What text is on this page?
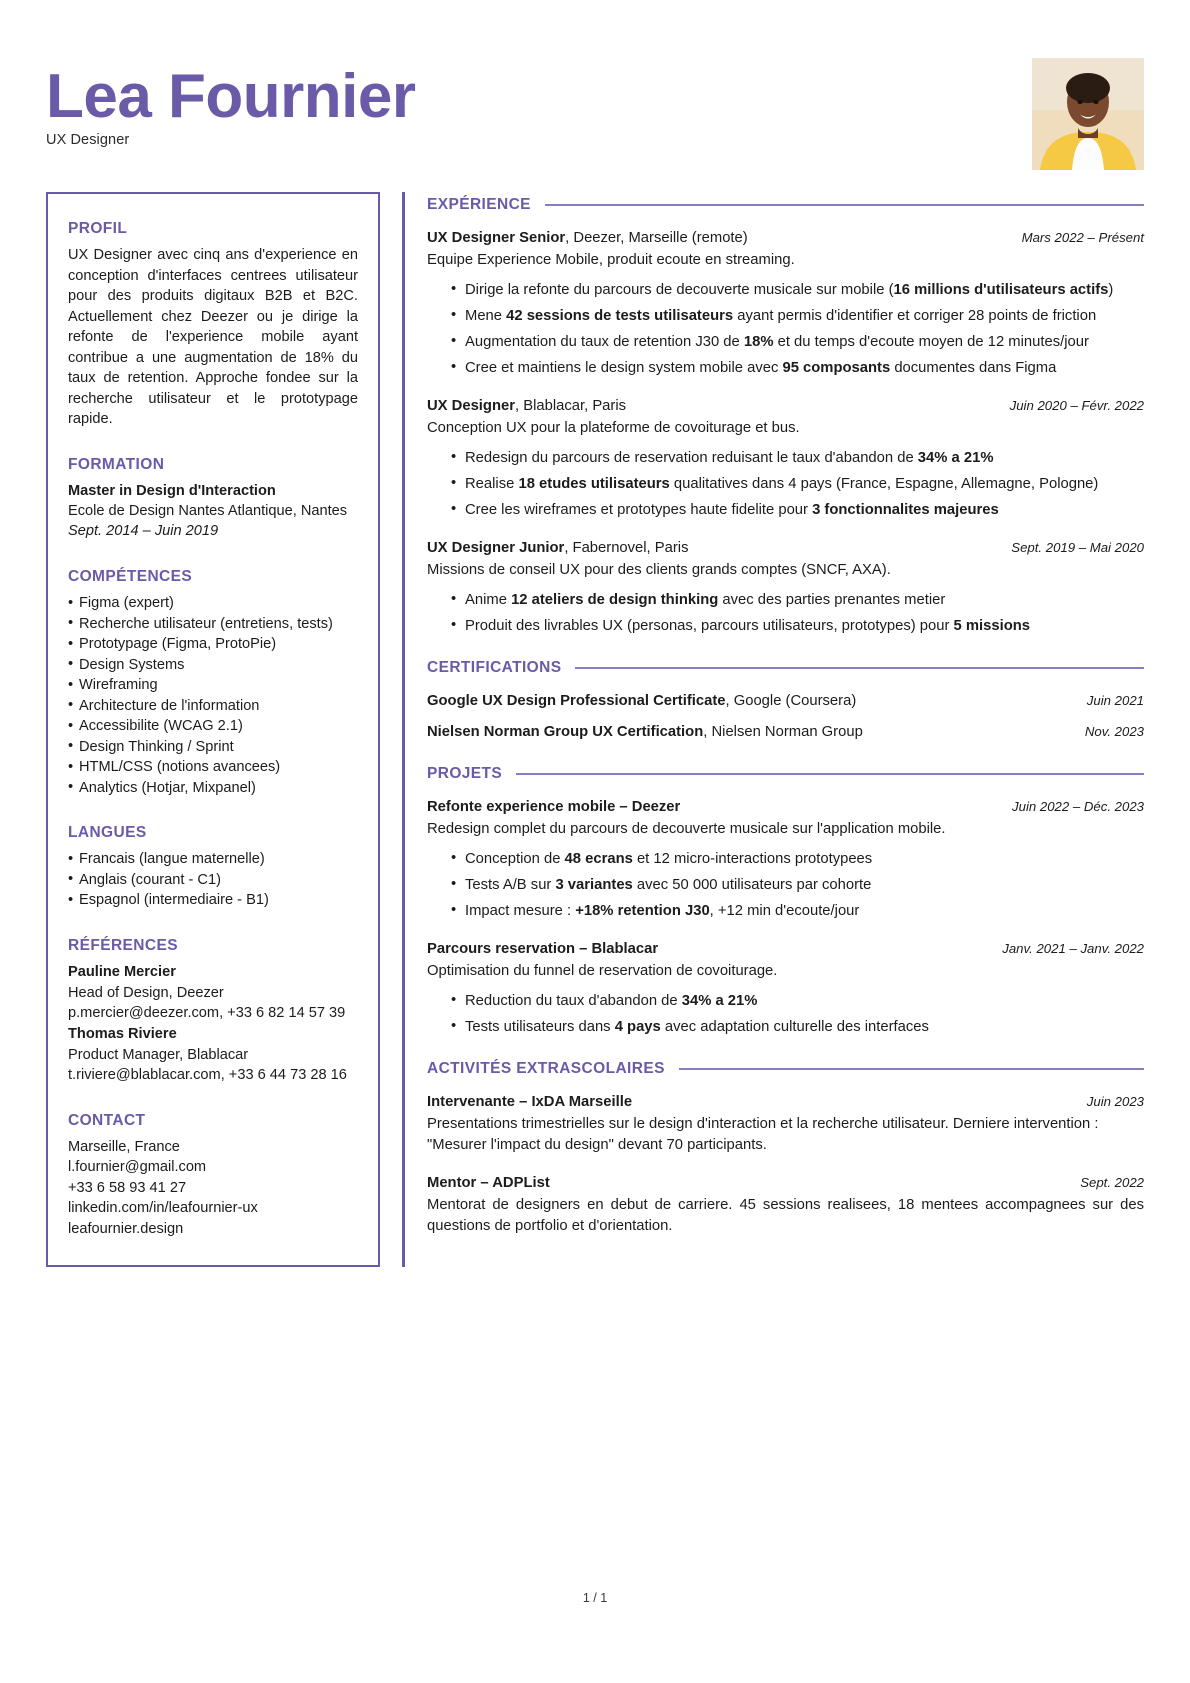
Lea Fournier
UX Designer
PROFIL
UX Designer avec cinq ans d'experience en conception d'interfaces centrees utilisateur pour des produits digitaux B2B et B2C. Actuellement chez Deezer ou je dirige la refonte de l'experience mobile ayant contribue a une augmentation de 18% du taux de retention. Approche fondee sur la recherche utilisateur et le prototypage rapide.
FORMATION
Master in Design d'Interaction
Ecole de Design Nantes Atlantique, Nantes
Sept. 2014 – Juin 2019
COMPÉTENCES
• Figma (expert)
• Recherche utilisateur (entretiens, tests)
• Prototypage (Figma, ProtoPie)
• Design Systems
• Wireframing
• Architecture de l'information
• Accessibilite (WCAG 2.1)
• Design Thinking / Sprint
• HTML/CSS (notions avancees)
• Analytics (Hotjar, Mixpanel)
LANGUES
• Francais (langue maternelle)
• Anglais (courant - C1)
• Espagnol (intermediaire - B1)
RÉFÉRENCES
Pauline Mercier
Head of Design, Deezer
p.mercier@deezer.com, +33 6 82 14 57 39
Thomas Riviere
Product Manager, Blablacar
t.riviere@blablacar.com, +33 6 44 73 28 16
CONTACT
Marseille, France
l.fournier@gmail.com
+33 6 58 93 41 27
linkedin.com/in/leafournier-ux
leafournier.design
EXPÉRIENCE
UX Designer Senior, Deezer, Marseille (remote)	Mars 2022 – Présent
Equipe Experience Mobile, produit ecoute en streaming.
• Dirige la refonte du parcours de decouverte musicale sur mobile (16 millions d'utilisateurs actifs)
• Mene 42 sessions de tests utilisateurs ayant permis d'identifier et corriger 28 points de friction
• Augmentation du taux de retention J30 de 18% et du temps d'ecoute moyen de 12 minutes/jour
• Cree et maintiens le design system mobile avec 95 composants documentes dans Figma
UX Designer, Blablacar, Paris	Juin 2020 – Févr. 2022
Conception UX pour la plateforme de covoiturage et bus.
• Redesign du parcours de reservation reduisant le taux d'abandon de 34% a 21%
• Realise 18 etudes utilisateurs qualitatives dans 4 pays (France, Espagne, Allemagne, Pologne)
• Cree les wireframes et prototypes haute fidelite pour 3 fonctionnalites majeures
UX Designer Junior, Fabernovel, Paris	Sept. 2019 – Mai 2020
Missions de conseil UX pour des clients grands comptes (SNCF, AXA).
• Anime 12 ateliers de design thinking avec des parties prenantes metier
• Produit des livrables UX (personas, parcours utilisateurs, prototypes) pour 5 missions
CERTIFICATIONS
Google UX Design Professional Certificate, Google (Coursera)	Juin 2021
Nielsen Norman Group UX Certification, Nielsen Norman Group	Nov. 2023
PROJETS
Refonte experience mobile – Deezer	Juin 2022 – Déc. 2023
Redesign complet du parcours de decouverte musicale sur l'application mobile.
• Conception de 48 ecrans et 12 micro-interactions prototypees
• Tests A/B sur 3 variantes avec 50 000 utilisateurs par cohorte
• Impact mesure : +18% retention J30, +12 min d'ecoute/jour
Parcours reservation – Blablacar	Janv. 2021 – Janv. 2022
Optimisation du funnel de reservation de covoiturage.
• Reduction du taux d'abandon de 34% a 21%
• Tests utilisateurs dans 4 pays avec adaptation culturelle des interfaces
ACTIVITÉS EXTRASCOLAIRES
Intervenante – IxDA Marseille	Juin 2023
Presentations trimestrielles sur le design d'interaction et la recherche utilisateur. Derniere intervention : "Mesurer l'impact du design" devant 70 participants.
Mentor – ADPList	Sept. 2022
Mentorat de designers en debut de carriere. 45 sessions realisees, 18 mentees accompagnees sur des questions de portfolio et d'orientation.
1 / 1
